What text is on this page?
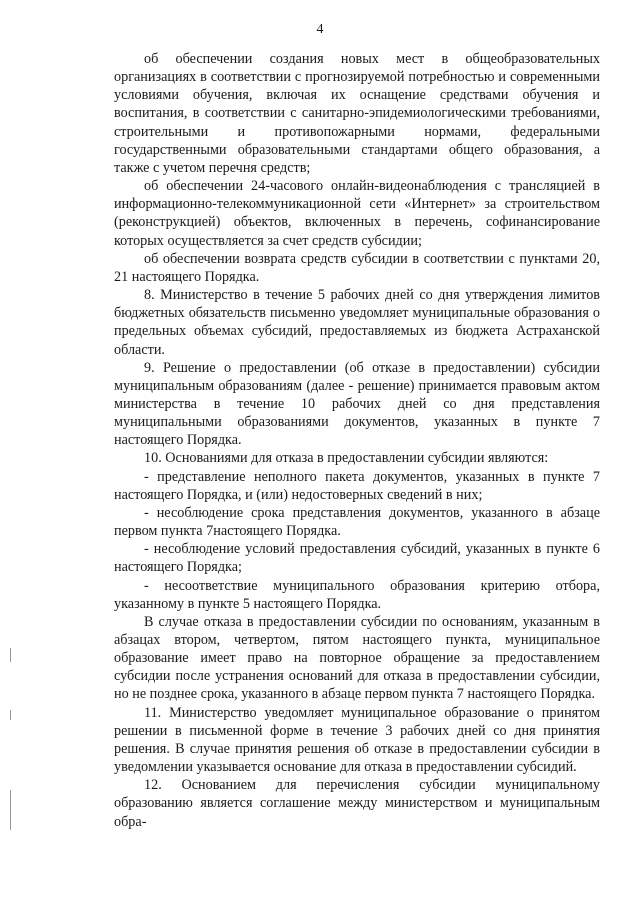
4

об обеспечении создания новых мест в общеобразовательных организациях в соответствии с прогнозируемой потребностью и современными условиями обучения, включая их оснащение средствами обучения и воспитания, в соответствии с санитарно-эпидемиологическими требованиями, строительными и противопожарными нормами, федеральными государственными образовательными стандартами общего образования, а также с учетом перечня средств;

об обеспечении 24-часового онлайн-видеонаблюдения с трансляцией в информационно-телекоммуникационной сети «Интернет» за строительством (реконструкцией) объектов, включенных в перечень, софинансирование которых осуществляется за счет средств субсидии;

об обеспечении возврата средств субсидии в соответствии с пунктами 20, 21 настоящего Порядка.

8. Министерство в течение 5 рабочих дней со дня утверждения лимитов бюджетных обязательств письменно уведомляет муниципальные образования о предельных объемах субсидий, предоставляемых из бюджета Астраханской области.

9. Решение о предоставлении (об отказе в предоставлении) субсидии муниципальным образованиям (далее - решение) принимается правовым актом министерства в течение 10 рабочих дней со дня представления муниципальными образованиями документов, указанных в пункте 7 настоящего Порядка.

10. Основаниями для отказа в предоставлении субсидии являются:

- представление неполного пакета документов, указанных в пункте 7 настоящего Порядка, и (или) недостоверных сведений в них;

- несоблюдение срока представления документов, указанного в абзаце первом пункта 7настоящего Порядка.

- несоблюдение условий предоставления субсидий, указанных в пункте 6 настоящего Порядка;

- несоответствие муниципального образования критерию отбора, указанному в пункте 5 настоящего Порядка.

В случае отказа в предоставлении субсидии по основаниям, указанным в абзацах втором, четвертом, пятом настоящего пункта, муниципальное образование имеет право на повторное обращение за предоставлением субсидии после устранения оснований для отказа в предоставлении субсидии, но не позднее срока, указанного в абзаце первом пункта 7 настоящего Порядка.

11. Министерство уведомляет муниципальное образование о принятом решении в письменной форме в течение 3 рабочих дней со дня принятия решения. В случае принятия решения об отказе в предоставлении субсидии в уведомлении указывается основание для отказа в предоставлении субсидий.

12. Основанием для перечисления субсидии муниципальному образованию является соглашение между министерством и муниципальным обра-
